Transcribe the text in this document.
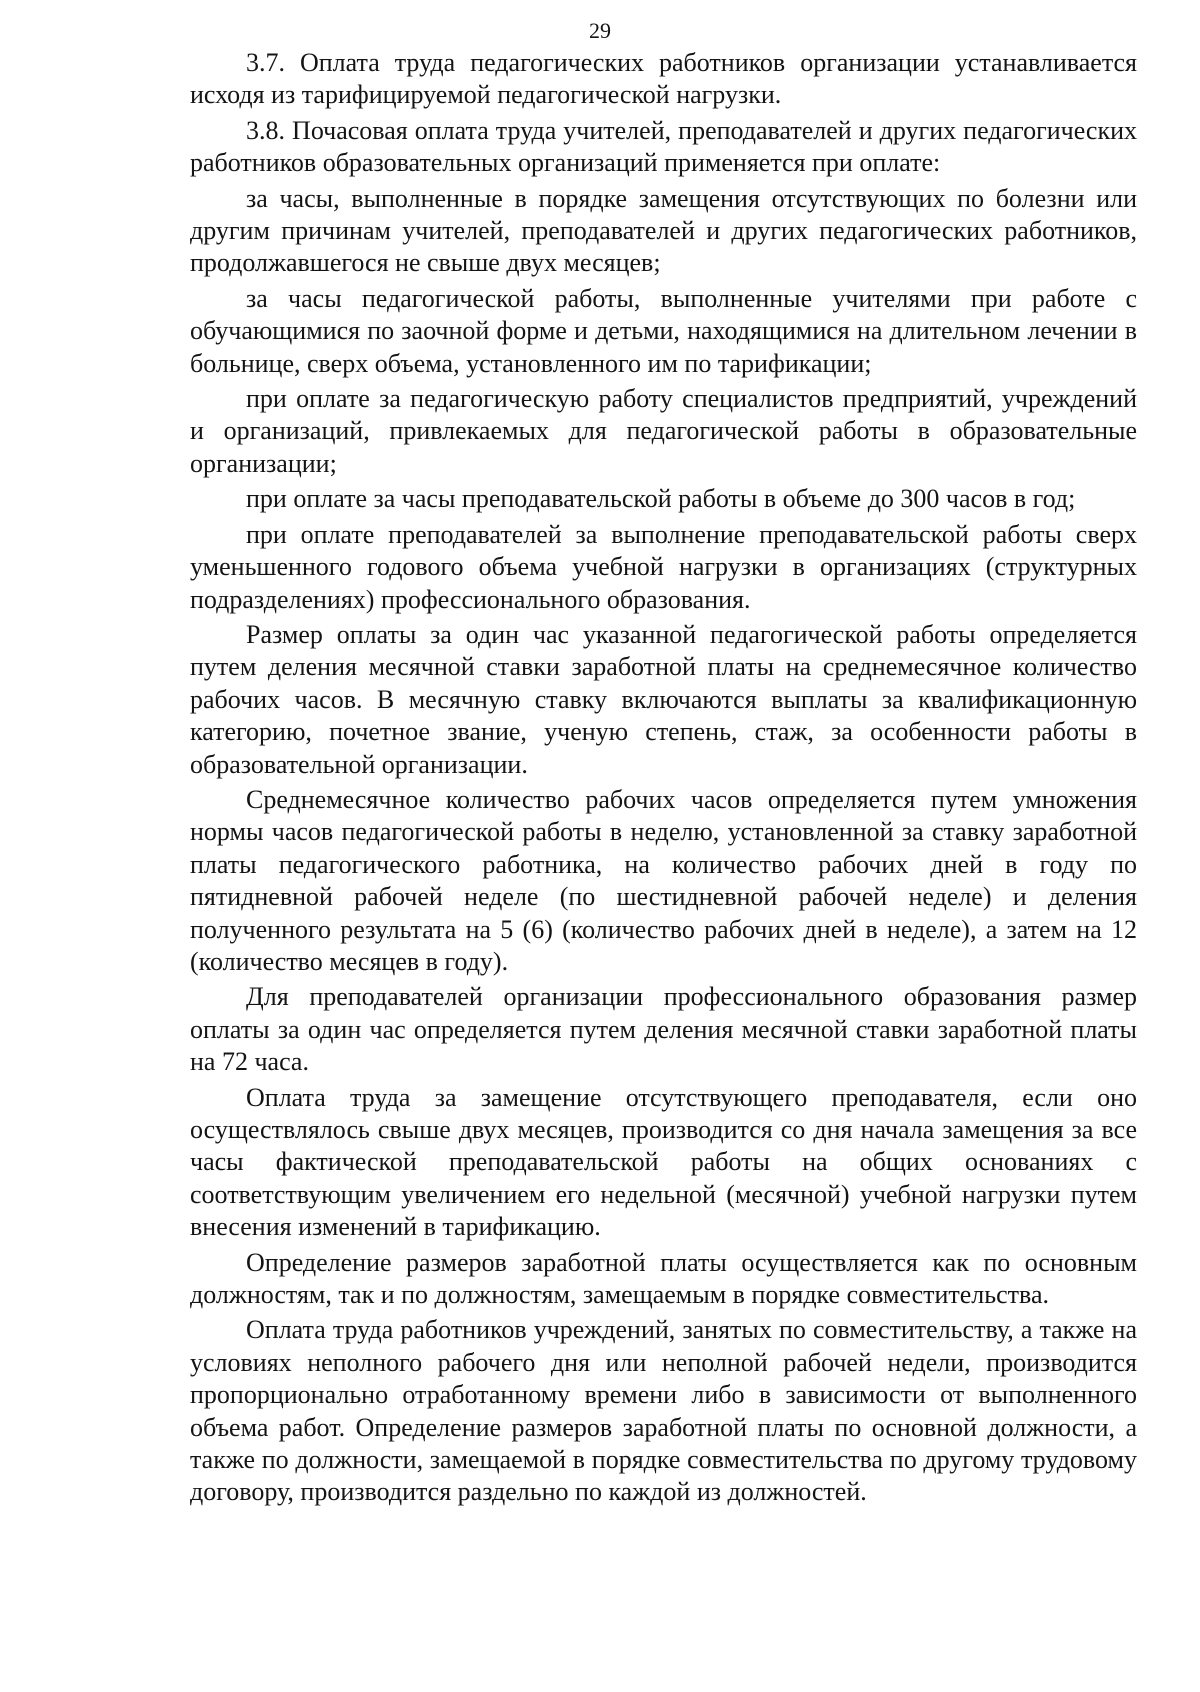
29

3.7. Оплата труда педагогических работников организации устанавливается исходя из тарифицируемой педагогической нагрузки.

3.8. Почасовая оплата труда учителей, преподавателей и других педагогических работников образовательных организаций применяется при оплате:

за часы, выполненные в порядке замещения отсутствующих по болезни или другим причинам учителей, преподавателей и других педагогических работников, продолжавшегося не свыше двух месяцев;

за часы педагогической работы, выполненные учителями при работе с обучающимися по заочной форме и детьми, находящимися на длительном лечении в больнице, сверх объема, установленного им по тарификации;

при оплате за педагогическую работу специалистов предприятий, учреждений и организаций, привлекаемых для педагогической работы в образовательные организации;

при оплате за часы преподавательской работы в объеме до 300 часов в год;

при оплате преподавателей за выполнение преподавательской работы сверх уменьшенного годового объема учебной нагрузки в организациях (структурных подразделениях) профессионального образования.

Размер оплаты за один час указанной педагогической работы определяется путем деления месячной ставки заработной платы на среднемесячное количество рабочих часов. В месячную ставку включаются выплаты за квалификационную категорию, почетное звание, ученую степень, стаж, за особенности работы в образовательной организации.

Среднемесячное количество рабочих часов определяется путем умножения нормы часов педагогической работы в неделю, установленной за ставку заработной платы педагогического работника, на количество рабочих дней в году по пятидневной рабочей неделе (по шестидневной рабочей неделе) и деления полученного результата на 5 (6) (количество рабочих дней в неделе), а затем на 12 (количество месяцев в году).

Для преподавателей организации профессионального образования размер оплаты за один час определяется путем деления месячной ставки заработной платы на 72 часа.

Оплата труда за замещение отсутствующего преподавателя, если оно осуществлялось свыше двух месяцев, производится со дня начала замещения за все часы фактической преподавательской работы на общих основаниях с соответствующим увеличением его недельной (месячной) учебной нагрузки путем внесения изменений в тарификацию.

Определение размеров заработной платы осуществляется как по основным должностям, так и по должностям, замещаемым в порядке совместительства.

Оплата труда работников учреждений, занятых по совместительству, а также на условиях неполного рабочего дня или неполной рабочей недели, производится пропорционально отработанному времени либо в зависимости от выполненного объема работ. Определение размеров заработной платы по основной должности, а также по должности, замещаемой в порядке совместительства по другому трудовому договору, производится раздельно по каждой из должностей.
